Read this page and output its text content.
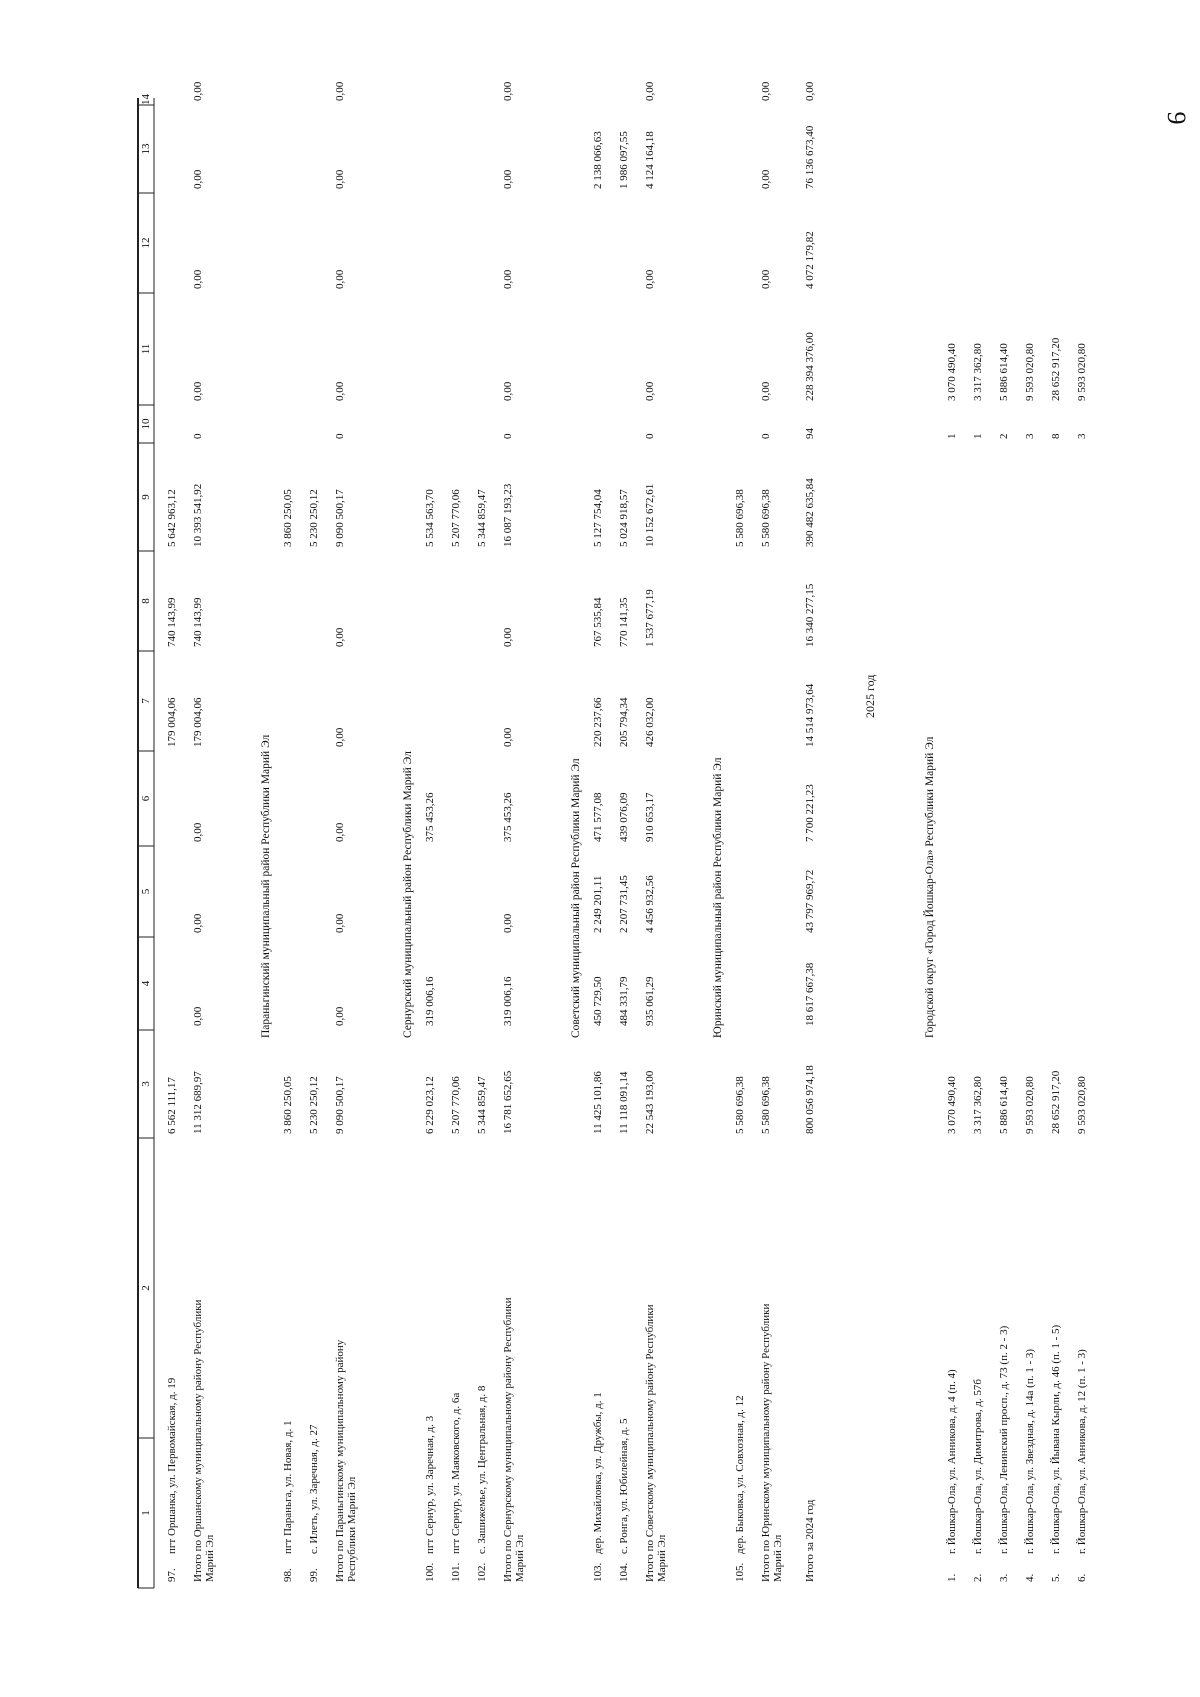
9
1
2
3
4
5
6
7
8
9
10
11
12
13
14
97.
пгт Оршанка, ул. Первомайская, д. 19
6 562 111,17
179 004,06
740 143,99
5 642 963,12
Итого по Оршанскому муниципальному району Республики Марий Эл
11 312 689,97
0,00
0,00
0,00
179 004,06
740 143,99
10 393 541,92
0
0,00
0,00
0,00
0,00
Параньгинский муниципальный район Республики Марий Эл
98.
пгт Параньга, ул. Новая, д. 1
3 860 250,05
3 860 250,05
99.
с. Илеть, ул. Заречная, д. 27
5 230 250,12
5 230 250,12
Итого по Параньгинскому муниципальному району Республики Марий Эл
9 090 500,17
0,00
0,00
0,00
0,00
0,00
9 090 500,17
0
0,00
0,00
0,00
0,00
Сернурский муниципальный район Республики Марий Эл
100.
пгт Сернур, ул. Заречная, д. 3
6 229 023,12
319 006,16
375 453,26
5 534 563,70
101.
пгт Сернур, ул. Маяковского, д. 6а
5 207 770,06
5 207 770,06
102.
с. Зашижемье, ул. Центральная, д. 8
5 344 859,47
5 344 859,47
Итого по Сернурскому муниципальному району Республики Марий Эл
16 781 652,65
319 006,16
0,00
375 453,26
0,00
0,00
16 087 193,23
0
0,00
0,00
0,00
0,00
Советский муниципальный район Республики Марий Эл
103.
дер. Михайловка, ул. Дружбы, д. 1
11 425 101,86
450 729,50
2 249 201,11
471 577,08
220 237,66
767 535,84
5 127 754,04
2 138 066,63
104.
с. Ронга, ул. Юбилейная, д. 5
11 118 091,14
484 331,79
2 207 731,45
439 076,09
205 794,34
770 141,35
5 024 918,57
1 986 097,55
Итого по Советскому муниципальному району Республики Марий Эл
22 543 193,00
935 061,29
4 456 932,56
910 653,17
426 032,00
1 537 677,19
10 152 672,61
0
0,00
0,00
4 124 164,18
0,00
Юринский муниципальный район Республики Марий Эл
105.
дер. Быковка, ул. Совхозная, д. 12
5 580 696,38
5 580 696,38
Итого по Юринскому муниципальному району Республики Марий Эл
5 580 696,38
5 580 696,38
0
0,00
0,00
0,00
0,00
Итого за 2024 год
800 056 974,18
18 617 667,38
43 797 969,72
7 700 221,23
14 514 973,64
16 340 277,15
390 482 635,84
94
228 394 376,00
4 072 179,82
76 136 673,40
0,00
2025 год
Городской округ «Город Йошкар-Ола» Республики Марий Эл
1.
г. Йошкар-Ола, ул. Анникова, д. 4 (п. 4)
3 070 490,40
1
3 070 490,40
2.
г. Йошкар-Ола, ул. Димитрова, д. 57б
3 317 362,80
1
3 317 362,80
3.
г. Йошкар-Ола, Ленинский просп., д. 73 (п. 2 - 3)
5 886 614,40
2
5 886 614,40
4.
г. Йошкар-Ола, ул. Звездная, д. 14а (п. 1 - 3)
9 593 020,80
3
9 593 020,80
5.
г. Йошкар-Ола, ул. Йывана Кырли, д. 46 (п. 1 - 5)
28 652 917,20
8
28 652 917,20
6.
г. Йошкар-Ола, ул. Анникова, д. 12 (п. 1 - 3)
9 593 020,80
3
9 593 020,80
